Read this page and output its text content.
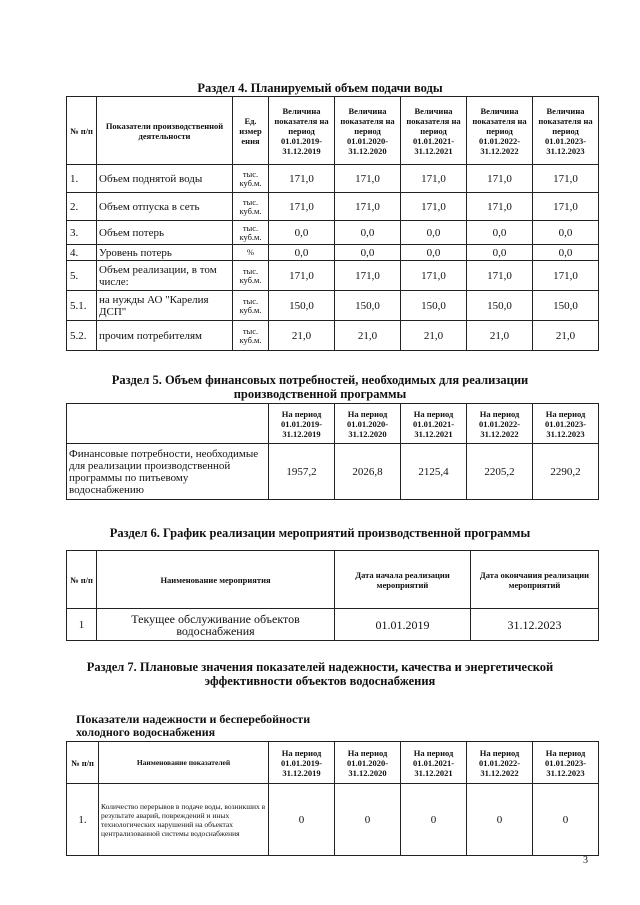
Раздел 4. Планируемый объем подачи воды
№ п/п	Показатели производственной деятельности	Ед. измер ения	Величина показателя на период 01.01.2019-31.12.2019	Величина показателя на период 01.01.2020-31.12.2020	Величина показателя на период 01.01.2021-31.12.2021	Величина показателя на период 01.01.2022-31.12.2022	Величина показателя на период 01.01.2023-31.12.2023
1.	Объем поднятой воды	тыс. куб.м.	171,0	171,0	171,0	171,0	171,0
2.	Объем отпуска в сеть	тыс. куб.м.	171,0	171,0	171,0	171,0	171,0
3.	Объем потерь	тыс. куб.м.	0,0	0,0	0,0	0,0	0,0
4.	Уровень потерь	%	0,0	0,0	0,0	0,0	0,0
5.	Объем реализации, в том числе:	тыс. куб.м.	171,0	171,0	171,0	171,0	171,0
5.1.	на нужды АО "Карелия ДСП"	тыс. куб.м.	150,0	150,0	150,0	150,0	150,0
5.2.	прочим потребителям	тыс. куб.м.	21,0	21,0	21,0	21,0	21,0
Раздел 5. Объем финансовых потребностей, необходимых для реализации
производственной программы
	На период 01.01.2019-31.12.2019	На период 01.01.2020-31.12.2020	На период 01.01.2021-31.12.2021	На период 01.01.2022-31.12.2022	На период 01.01.2023-31.12.2023
Финансовые потребности, необходимые для реализации производственной программы по питьевому водоснабжению	1957,2	2026,8	2125,4	2205,2	2290,2
Раздел 6. График реализации мероприятий производственной программы
№ п/п	Наименование мероприятия	Дата начала реализации мероприятий	Дата окончания реализации мероприятий
1	Текущее обслуживание объектов водоснабжения	01.01.2019	31.12.2023
Раздел 7. Плановые значения показателей надежности, качества и энергетической
эффективности объектов водоснабжения
Показатели надежности и бесперебойности
холодного водоснабжения
№ п/п	Наименование показателей	На период 01.01.2019-31.12.2019	На период 01.01.2020-31.12.2020	На период 01.01.2021-31.12.2021	На период 01.01.2022-31.12.2022	На период 01.01.2023-31.12.2023
1.	Количество перерывов в подаче воды, возникших в результате аварий, повреждений и иных технологических нарушений на объектах централизованной системы водоснабжения	0	0	0	0	0
3
